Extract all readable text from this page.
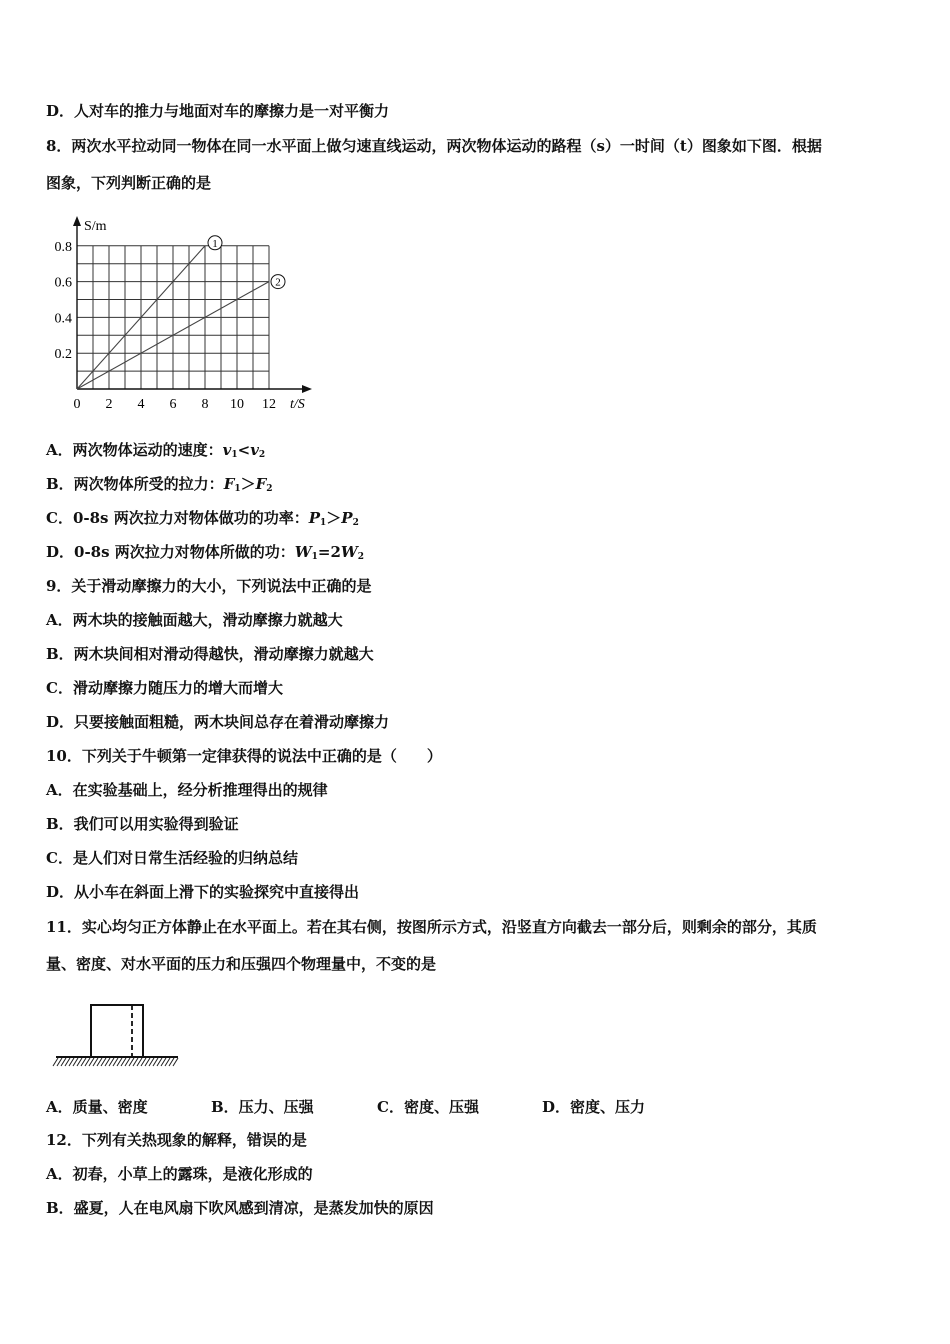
D．人对车的推力与地面对车的摩擦力是一对平衡力
8．两次水平拉动同一物体在同一水平面上做匀速直线运动，两次物体运动的路程（s）一时间（t）图象如下图．根据
图象，下列判断正确的是
1
2
0 2 4 6 8 10 12
0.2
0.4
0.6
0.8
S/m
t/S
A．两次物体运动的速度：$v_1<v_2$
B．两次物体所受的拉力：$F_1>F_2$
C．0-8s 两次拉力对物体做功的功率：$P_1>P_2$
D．0-8s 两次拉力对物体所做的功：$W_1=2W_2$
9．关于滑动摩擦力的大小，下列说法中正确的是
A．两木块的接触面越大，滑动摩擦力就越大
B．两木块间相对滑动得越快，滑动摩擦力就越大
C．滑动摩擦力随压力的增大而增大
D．只要接触面粗糙，两木块间总存在着滑动摩擦力
10．下列关于牛顿第一定律获得的说法中正确的是（　　）
A．在实验基础上，经分析推理得出的规律
B．我们可以用实验得到验证
C．是人们对日常生活经验的归纳总结
D．从小车在斜面上滑下的实验探究中直接得出
11．实心均匀正方体静止在水平面上。若在其右侧，按图所示方式，沿竖直方向截去一部分后，则剩余的部分，其质
量、密度、对水平面的压力和压强四个物理量中，不变的是
A．质量、密度	B．压力、压强	C．密度、压强	D．密度、压力
12．下列有关热现象的解释，错误的是
A．初春，小草上的露珠，是液化形成的
B．盛夏，人在电风扇下吹风感到清凉，是蒸发加快的原因
